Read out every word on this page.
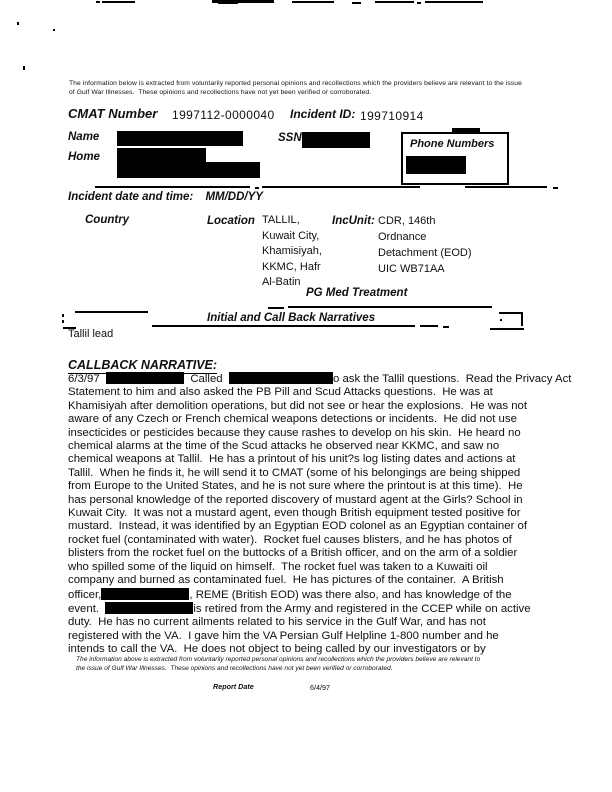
The information below is extracted from voluntarily reported personal opinions and recollections which the providers believe are relevant to the issue
of Gulf War Illnesses.  These opinions and recollections have not yet been verified or corroborated.
CMAT Number 1997112-0000040 Incident ID: 199710914
Name	SSN	Phone Numbers
Home
Incident date and time: MM/DD/YY
Country	Location TALLIL,
Kuwait City,
Khamisiyah,
KKMC, Hafr
Al-Batin
IncUnit: CDR, 146th
Ordnance
Detachment (EOD)
UIC WB71AA
PG Med Treatment
Initial and Call Back Narratives
Tallil lead
CALLBACK NARRATIVE:
6/3/97	Called	o ask the Tallil questions.  Read the Privacy Act
Statement to him and also asked the PB Pill and Scud Attacks questions.  He was at
Khamisiyah after demolition operations, but did not see or hear the explosions.  He was not
aware of any Czech or French chemical weapons detections or incidents.  He did not use
insecticides or pesticides because they cause rashes to develop on his skin.  He heard no
chemical alarms at the time of the Scud attacks he observed near KKMC, and saw no
chemical weapons at Tallil.  He has a printout of his unit?s log listing dates and actions at
Tallil.  When he finds it, he will send it to CMAT (some of his belongings are being shipped
from Europe to the United States, and he is not sure where the printout is at this time).  He
has personal knowledge of the reported discovery of mustard agent at the Girls? School in
Kuwait City.  It was not a mustard agent, even though British equipment tested positive for
mustard.  Instead, it was identified by an Egyptian EOD colonel as an Egyptian container of
rocket fuel (contaminated with water).  Rocket fuel causes blisters, and he has photos of
blisters from the rocket fuel on the buttocks of a British officer, and on the arm of a soldier
who spilled some of the liquid on himself.  The rocket fuel was taken to a Kuwaiti oil
company and burned as contaminated fuel.  He has pictures of the container.  A British
officer,	, REME (British EOD) was there also, and has knowledge of the
event.	is retired from the Army and registered in the CCEP while on active
duty.  He has no current ailments related to his service in the Gulf War, and has not
registered with the VA.  I gave him the VA Persian Gulf Helpline 1-800 number and he
intends to call the VA.  He does not object to being called by our investigators or by
The information above is extracted from voluntarily reported personal opinions and recollections which the providers believe are relevant to
the issue of Gulf War Illnesses.  These opinions and recollections have not yet been verified or corroborated.
Report Date	6/4/97
